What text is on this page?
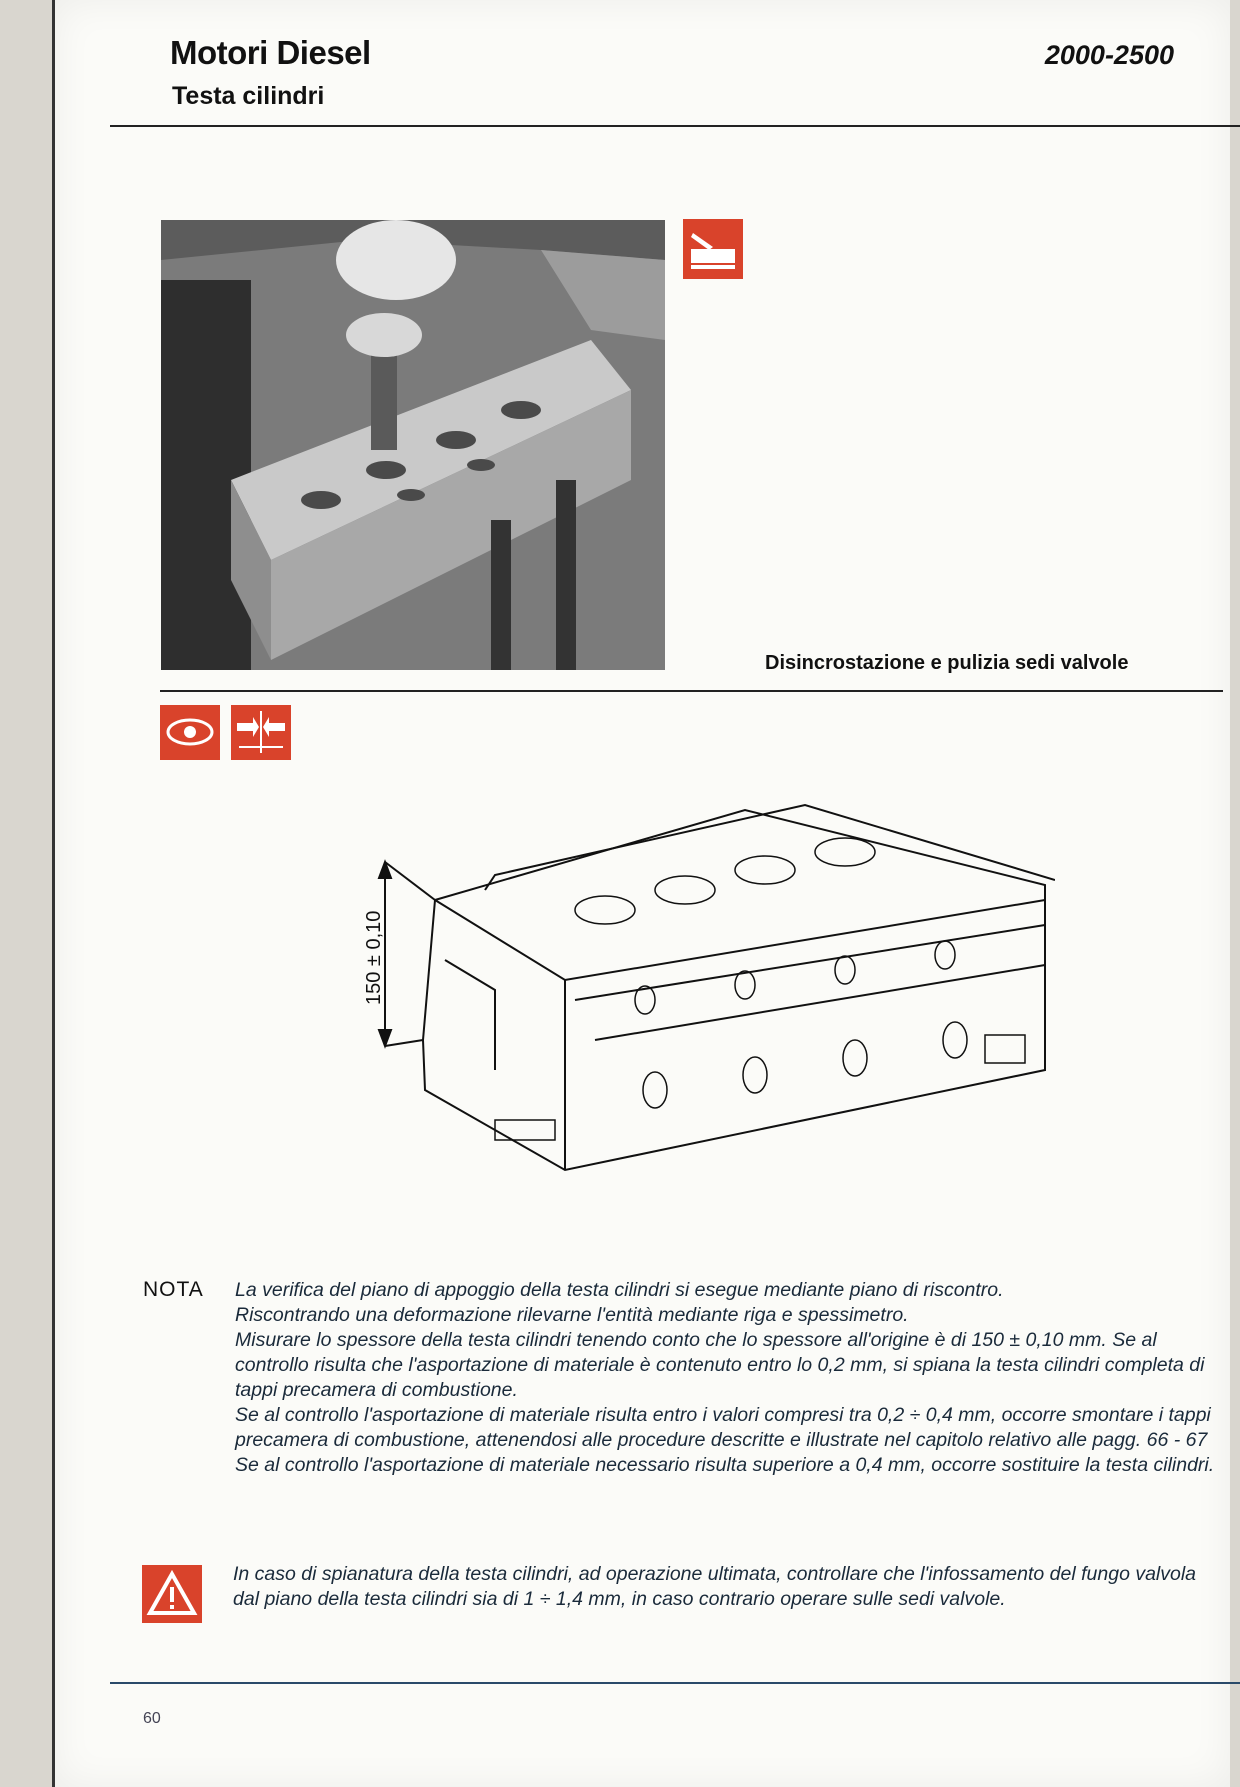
Motori Diesel
Testa cilindri
2000-2500
Disincrostazione e pulizia sedi valvole
150 ± 0,10
NOTA La verifica del piano di appoggio della testa cilindri si esegue mediante piano di riscontro.

Riscontrando una deformazione rilevarne l'entità mediante riga e spessimetro.

Misurare lo spessore della testa cilindri tenendo conto che lo spessore all'origine è di 150 ± 0,10 mm. Se al controllo risulta che l'asportazione di materiale è contenuto entro lo 0,2 mm, si spiana la testa cilindri completa di tappi precamera di combustione.

Se al controllo l'asportazione di materiale risulta entro i valori compresi tra 0,2 ÷ 0,4 mm, occorre smontare i tappi precamera di combustione, attenendosi alle procedure descritte e illustrate nel capitolo relativo alle pagg. 66 - 67

Se al controllo l'asportazione di materiale necessario risulta superiore a 0,4 mm, occorre sostituire la testa cilindri.

In caso di spianatura della testa cilindri, ad operazione ultimata, controllare che l'infossamento del fungo valvola dal piano della testa cilindri sia di 1 ÷ 1,4 mm, in caso contrario operare sulle sedi valvole.
60
